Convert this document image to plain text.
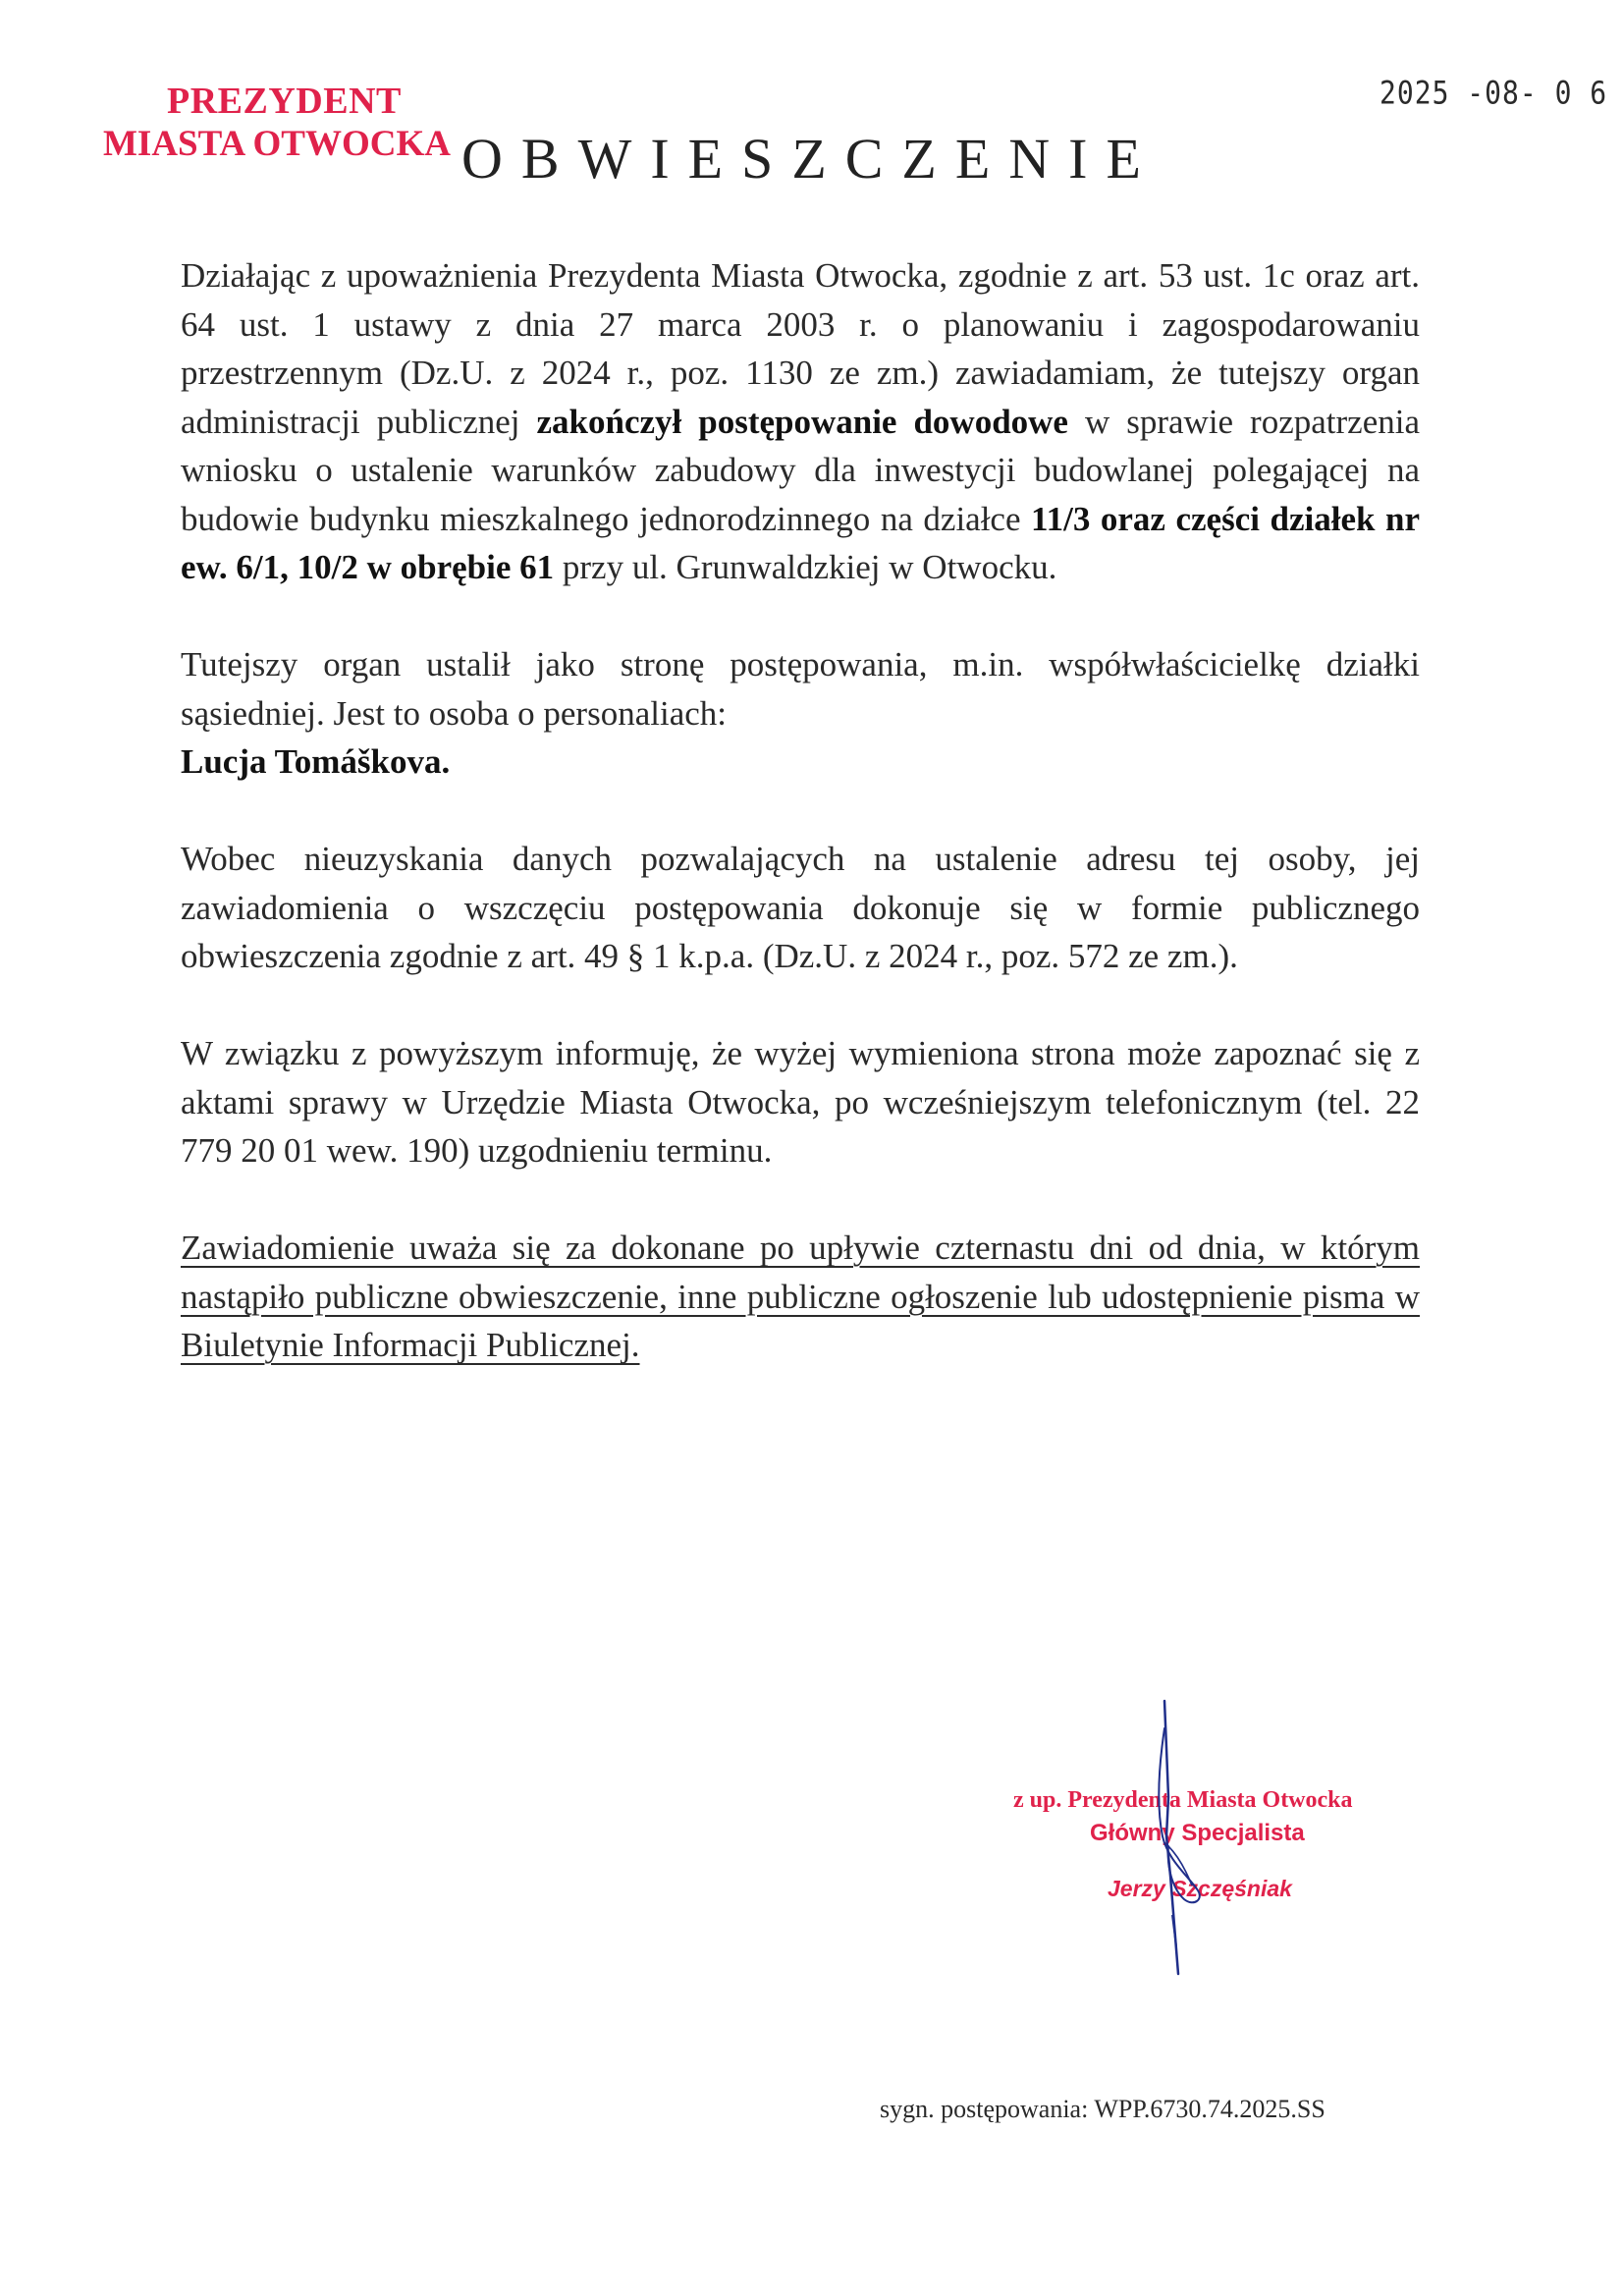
PREZYDENT
MIASTA OTWOCKA OBWIESZCZENIE
2025 -08- 0 6

Działając z upoważnienia Prezydenta Miasta Otwocka, zgodnie z art. 53 ust. 1c oraz art. 64 ust. 1 ustawy z dnia 27 marca 2003 r. o planowaniu i zagospodarowaniu przestrzennym (Dz.U. z 2024 r., poz. 1130 ze zm.) zawiadamiam, że tutejszy organ administracji publicznej zakończył postępowanie dowodowe w sprawie rozpatrzenia wniosku o ustalenie warunków zabudowy dla inwestycji budowlanej polegającej na budowie budynku mieszkalnego jednorodzinnego na działce 11/3 oraz części działek nr ew. 6/1, 10/2 w obrębie 61 przy ul. Grunwaldzkiej w Otwocku.

Tutejszy organ ustalił jako stronę postępowania, m.in. współwłaścicielkę działki sąsiedniej. Jest to osoba o personaliach:
Lucja Tomáškova.

Wobec nieuzyskania danych pozwalających na ustalenie adresu tej osoby, jej zawiadomienia o wszczęciu postępowania dokonuje się w formie publicznego obwieszczenia zgodnie z art. 49 § 1 k.p.a. (Dz.U. z 2024 r., poz. 572 ze zm.).

W związku z powyższym informuję, że wyżej wymieniona strona może zapoznać się z aktami sprawy w Urzędzie Miasta Otwocka, po wcześniejszym telefonicznym (tel. 22 779 20 01 wew. 190) uzgodnieniu terminu.

Zawiadomienie uważa się za dokonane po upływie czternastu dni od dnia, w którym nastąpiło publiczne obwieszczenie, inne publiczne ogłoszenie lub udostępnienie pisma w Biuletynie Informacji Publicznej.

z up. Prezydenta Miasta Otwocka
Główny Specjalista
Jerzy Szczęśniak
sygn. postępowania: WPP.6730.74.2025.SS
